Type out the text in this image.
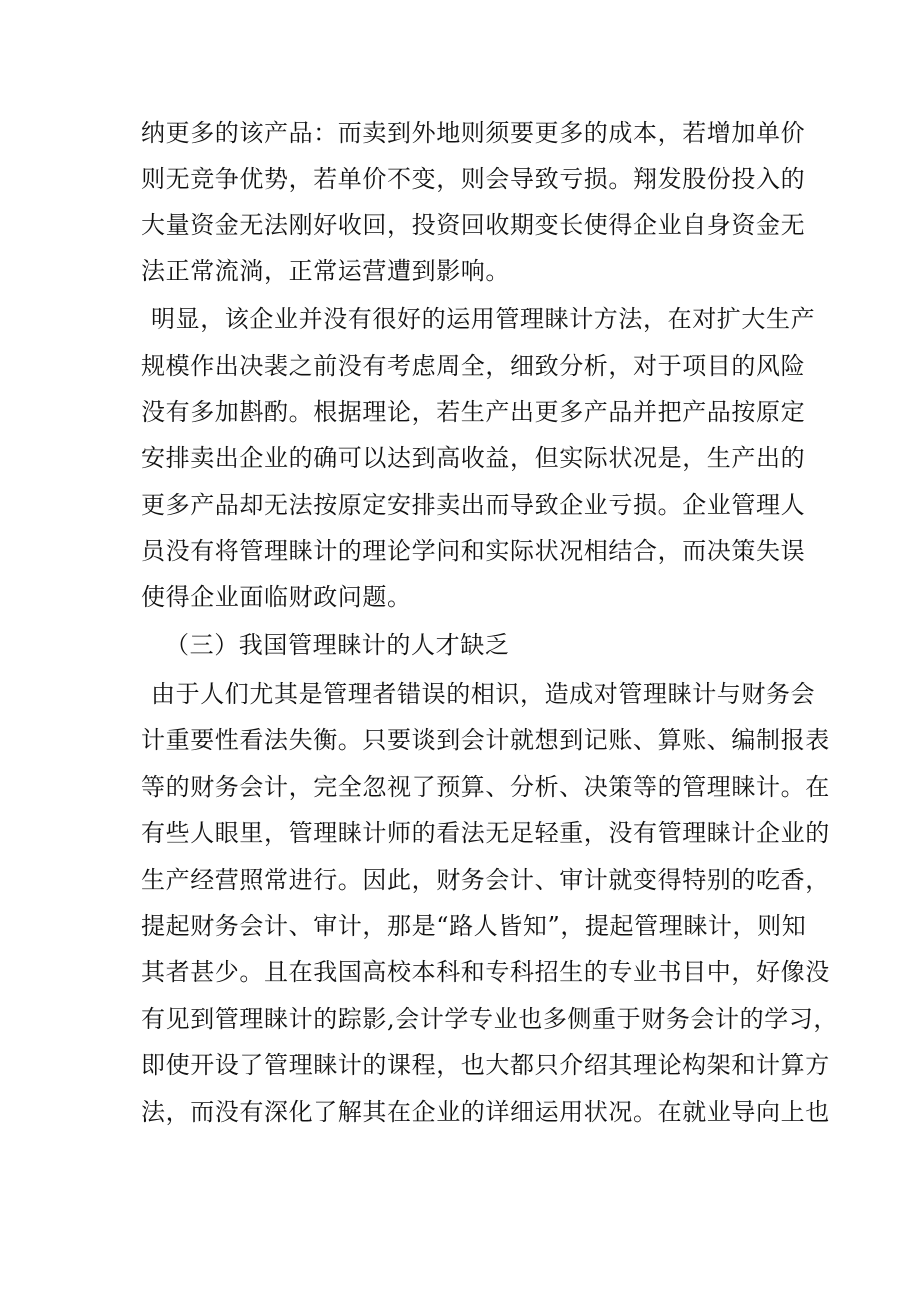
纳更多的该产品：而卖到外地则须要更多的成本，若增加单价
则无竞争优势，若单价不变，则会导致亏损。翔发股份投入的
大量资金无法刚好收回，投资回收期变长使得企业自身资金无
法正常流淌，正常运营遭到影响。
明显，该企业并没有很好的运用管理睐计方法，在对扩大生产
规模作出决裴之前没有考虑周全，细致分析，对于项目的风险
没有多加斟酌。根据理论，若生产出更多产品并把产品按原定
安排卖出企业的确可以达到高收益，但实际状况是，生产出的
更多产品却无法按原定安排卖出而导致企业亏损。企业管理人
员没有将管理睐计的理论学问和实际状况相结合，而决策失误
使得企业面临财政问题。
（三）我国管理睐计的人才缺乏
由于人们尤其是管理者错误的相识，造成对管理睐计与财务会
计重要性看法失衡。只要谈到会计就想到记账、算账、编制报表
等的财务会计，完全忽视了预算、分析、决策等的管理睐计。在
有些人眼里，管理睐计师的看法无足轻重，没有管理睐计企业的
生产经营照常进行。因此，财务会计、审计就变得特别的吃香，
提起财务会计、审计，那是“路人皆知”，提起管理睐计，则知
其者甚少。且在我国高校本科和专科招生的专业书目中，好像没
有见到管理睐计的踪影,会计学专业也多侧重于财务会计的学习，
即使开设了管理睐计的课程，也大都只介绍其理论构架和计算方
法，而没有深化了解其在企业的详细运用状况。在就业导向上也
